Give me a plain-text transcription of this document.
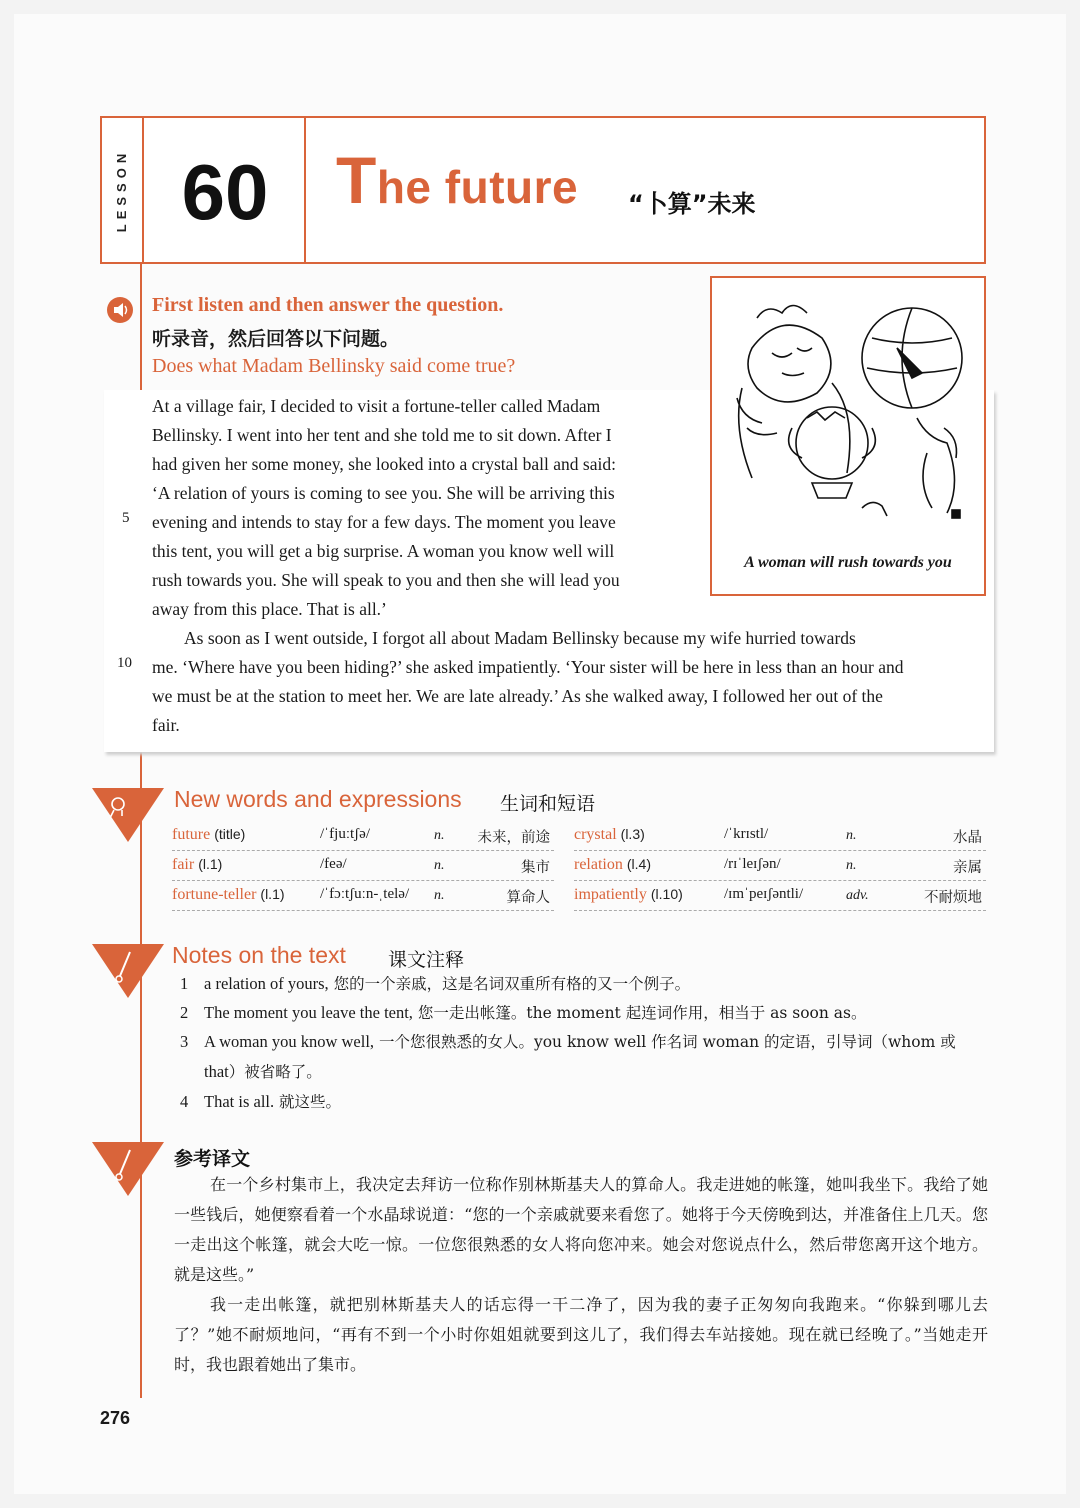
LESSON 60	The future “卜算”未来
First listen and then answer the question.
听录音，然后回答以下问题。
Does what Madam Bellinsky said come true?
At a village fair, I decided to visit a fortune-teller called Madam
Bellinsky. I went into her tent and she told me to sit down. After I
had given her some money, she looked into a crystal ball and said:
‘A relation of yours is coming to see you. She will be arriving this
evening and intends to stay for a few days. The moment you leave
this tent, you will get a big surprise. A woman you know well will
rush towards you. She will speak to you and then she will lead you
away from this place. That is all.’
As soon as I went outside, I forgot all about Madam Bellinsky because my wife hurried towards
me. ‘Where have you been hiding?’ she asked impatiently. ‘Your sister will be here in less than an hour and
we must be at the station to meet her. We are late already.’ As she walked away, I followed her out of the
fair.
5
10
A woman will rush towards you
New words and expressions 生词和短语
future (title)	/ˈfjuːtʃə/	n. 未来，前途
fair (l.1)	/feə/	n.	集市
fortune-teller (l.1) /ˈfɔːtʃuːn-ˌtelə/ n.	算命人
crystal (l.3)	/ˈkrɪstl/	n.	水晶
relation (l.4)	/rɪˈleɪʃən/	n.	亲属
impatiently (l.10)	/ɪmˈpeɪʃəntli/	adv.	不耐烦地
Notes on the text 课文注释
1 a relation of yours, 您的一个亲戚，这是名词双重所有格的又一个例子。
2 The moment you leave the tent, 您一走出帐篷。the moment 起连词作用，相当于 as soon as。
3 A woman you know well, 一个您很熟悉的女人。you know well 作名词 woman 的定语，引导词（whom 或
that）被省略了。
4 That is all. 就这些。
参考译文

在一个乡村集市上，我决定去拜访一位称作别林斯基夫人的算命人。我走进她的帐篷，她叫我坐下。我给了她一些钱后，她便察看着一个水晶球说道：“您的一个亲戚就要来看您了。她将于今天傍晚到达，并准备住上几天。您一走出这个帐篷，就会大吃一惊。一位您很熟悉的女人将向您冲来。她会对您说点什么，然后带您离开这个地方。就是这些。”

我一走出帐篷，就把别林斯基夫人的话忘得一干二净了，因为我的妻子正匆匆向我跑来。“你躲到哪儿去了？”她不耐烦地问，“再有不到一个小时你姐姐就要到这儿了，我们得去车站接她。现在就已经晚了。”当她走开时，我也跟着她出了集市。

276
